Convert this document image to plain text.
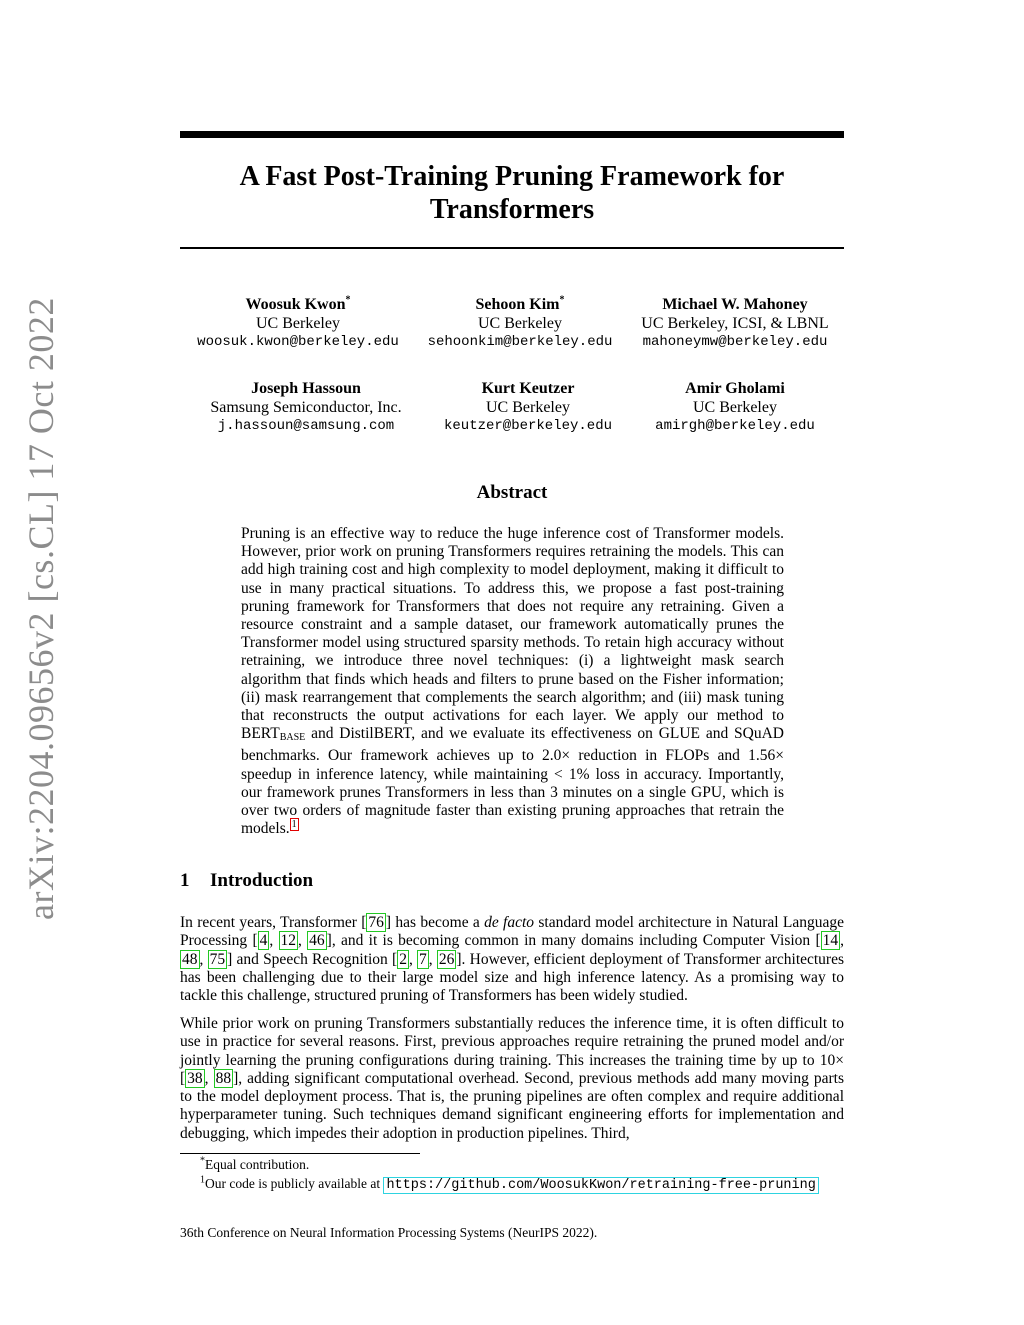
arXiv:2204.09656v2 [cs.CL] 17 Oct 2022
A Fast Post-Training Pruning Framework for Transformers
Woosuk Kwon*
UC Berkeley
woosuk.kwon@berkeley.edu
Sehoon Kim*
UC Berkeley
sehoonkim@berkeley.edu
Michael W. Mahoney
UC Berkeley, ICSI, & LBNL
mahoneymw@berkeley.edu
Joseph Hassoun
Samsung Semiconductor, Inc.
j.hassoun@samsung.com
Kurt Keutzer
UC Berkeley
keutzer@berkeley.edu
Amir Gholami
UC Berkeley
amirgh@berkeley.edu
Abstract

Pruning is an effective way to reduce the huge inference cost of Transformer models. However, prior work on pruning Transformers requires retraining the models. This can add high training cost and high complexity to model deployment, making it difficult to use in many practical situations. To address this, we propose a fast post-training pruning framework for Transformers that does not require any retraining. Given a resource constraint and a sample dataset, our framework automatically prunes the Transformer model using structured sparsity methods. To retain high accuracy without retraining, we introduce three novel techniques: (i) a lightweight mask search algorithm that finds which heads and filters to prune based on the Fisher information; (ii) mask rearrangement that complements the search algorithm; and (iii) mask tuning that reconstructs the output activations for each layer. We apply our method to $BERT_{BASE}$ and DistilBERT, and we evaluate its effectiveness on GLUE and SQuAD benchmarks. Our framework achieves up to 2.0× reduction in FLOPs and 1.56× speedup in inference latency, while maintaining < 1% loss in accuracy. Importantly, our framework prunes Transformers in less than 3 minutes on a single GPU, which is over two orders of magnitude faster than existing pruning approaches that retrain the models. $^1$

1 Introduction

In recent years, Transformer [ 76 ] has become a de facto standard model architecture in Natural Language Processing [ 4 , 12 , 46 ], and it is becoming common in many domains including Computer Vision [ 14 , 48 , 75 ] and Speech Recognition [ 2 , 7 , 26 ]. However, efficient deployment of Transformer architectures has been challenging due to their large model size and high inference latency. As a promising way to tackle this challenge, structured pruning of Transformers has been widely studied.

While prior work on pruning Transformers substantially reduces the inference time, it is often difficult to use in practice for several reasons. First, previous approaches require retraining the pruned model and/or jointly learning the pruning configurations during training. This increases the training time by up to 10× [ 38 , 88 ], adding significant computational overhead. Second, previous methods add many moving parts to the model deployment process. That is, the pruning pipelines are often complex and require additional hyperparameter tuning. Such techniques demand significant engineering efforts for implementation and debugging, which impedes their adoption in production pipelines. Third,

*Equal contribution.

$^1$Our code is publicly available at https://github.com/WoosukKwon/retraining-free-pruning

36th Conference on Neural Information Processing Systems (NeurIPS 2022).
